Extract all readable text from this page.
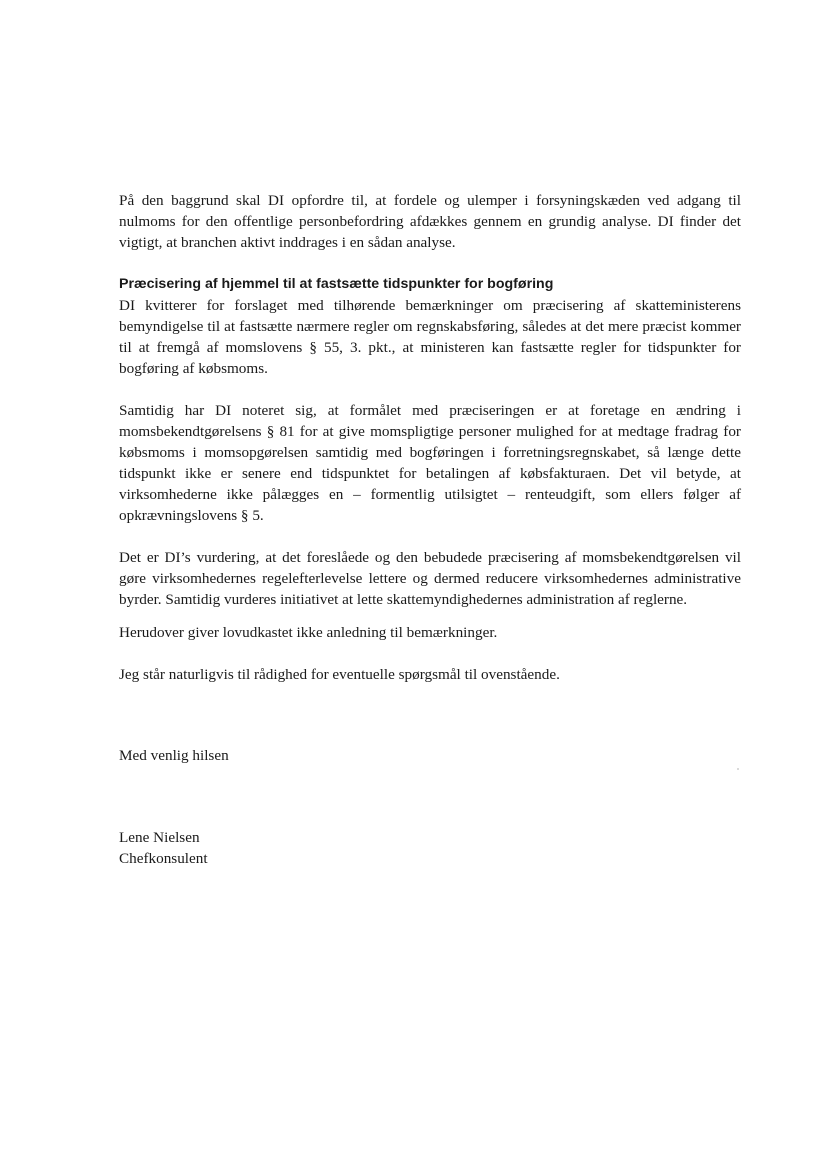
På den baggrund skal DI opfordre til, at fordele og ulemper i forsyningskæden ved adgang til nulmoms for den offentlige personbefordring afdækkes gennem en grundig analyse. DI finder det vigtigt, at branchen aktivt inddrages i en sådan analyse.

Præcisering af hjemmel til at fastsætte tidspunkter for bogføring

DI kvitterer for forslaget med tilhørende bemærkninger om præcisering af skatteministerens bemyndigelse til at fastsætte nærmere regler om regnskabsføring, således at det mere præcist kommer til at fremgå af momslovens § 55, 3. pkt., at ministeren kan fastsætte regler for tidspunkter for bogføring af købsmoms.

Samtidig har DI noteret sig, at formålet med præciseringen er at foretage en ændring i momsbekendtgørelsens § 81 for at give momspligtige personer mulighed for at medtage fradrag for købsmoms i momsopgørelsen samtidig med bogføringen i forretningsregnskabet, så længe dette tidspunkt ikke er senere end tidspunktet for betalingen af købsfakturaen. Det vil betyde, at virksomhederne ikke pålægges en – formentlig utilsigtet – renteudgift, som ellers følger af opkrævningslovens § 5.

Det er DI’s vurdering, at det foreslåede og den bebudede præcisering af momsbekendtgørelsen vil gøre virksomhedernes regelefterlevelse lettere og dermed reducere virksomhedernes administrative byrder. Samtidig vurderes initiativet at lette skattemyndighedernes administration af reglerne.

Herudover giver lovudkastet ikke anledning til bemærkninger.

Jeg står naturligvis til rådighed for eventuelle spørgsmål til ovenstående.

Med venlig hilsen
Lene Nielsen
Chefkonsulent
